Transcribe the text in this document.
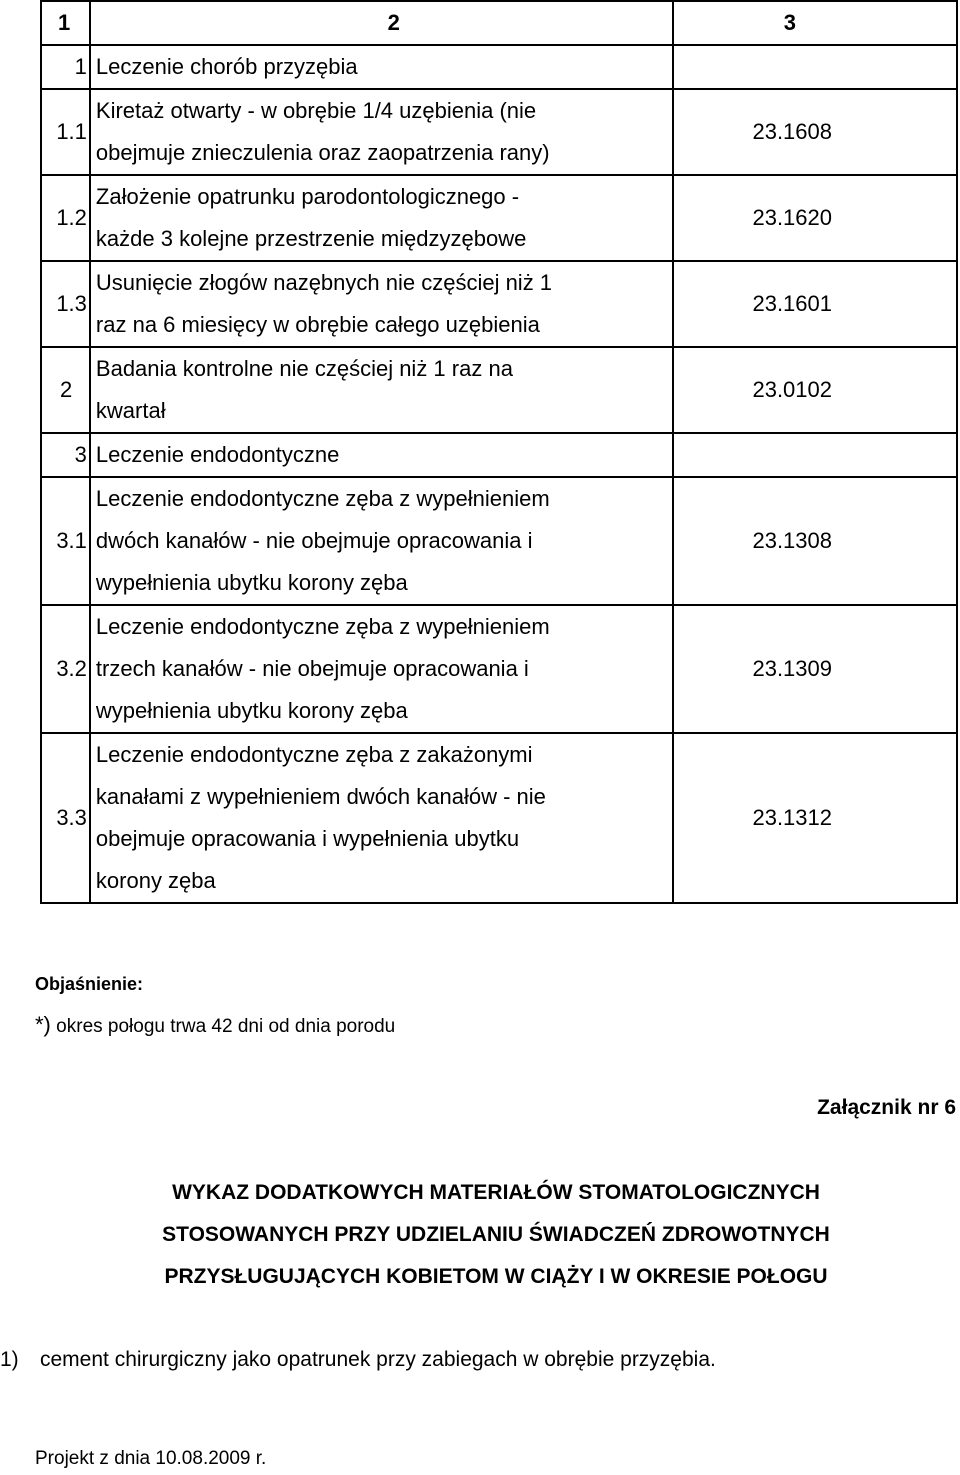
1	2	3
1	Leczenie chorób przyzębia	

1.1	Kiretaż otwarty - w obrębie 1/4 uzębienia (nie
obejmuje znieczulenia oraz zaopatrzenia rany)	23.1608
1.2	Założenie opatrunku parodontologicznego -
każde 3 kolejne przestrzenie międzyzębowe	23.1620
1.3	Usunięcie złogów nazębnych nie częściej niż 1
raz na 6 miesięcy w obrębie całego uzębienia	23.1601
2	Badania kontrolne nie częściej niż 1 raz na
kwartał	23.0102
3	Leczenie endodontyczne	

3.1	Leczenie endodontyczne zęba z wypełnieniem
dwóch kanałów - nie obejmuje opracowania i
wypełnienia ubytku korony zęba	23.1308
3.2	Leczenie endodontyczne zęba z wypełnieniem
trzech kanałów - nie obejmuje opracowania i
wypełnienia ubytku korony zęba	23.1309
3.3	Leczenie endodontyczne zęba z zakażonymi
kanałami z wypełnieniem dwóch kanałów - nie
obejmuje opracowania i wypełnienia ubytku
korony zęba	23.1312
Objaśnienie:
*) okres połogu trwa 42 dni od dnia porodu
Załącznik nr 6
WYKAZ DODATKOWYCH MATERIAŁÓW STOMATOLOGICZNYCH
STOSOWANYCH PRZY UDZIELANIU ŚWIADCZEŃ ZDROWOTNYCH
PRZYSŁUGUJĄCYCH KOBIETOM W CIĄŻY I W OKRESIE POŁOGU
1) cement chirurgiczny jako opatrunek przy zabiegach w obrębie przyzębia.
Projekt z dnia 10.08.2009 r.
